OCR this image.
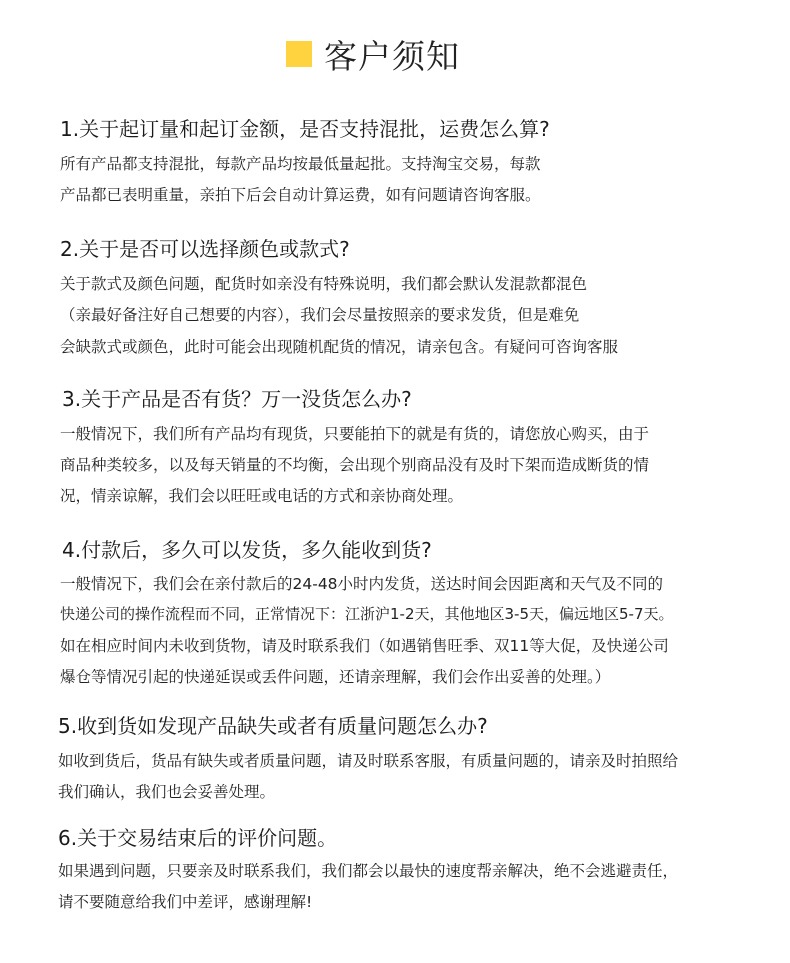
客户须知
1.关于起订量和起订金额，是否支持混批，运费怎么算?
所有产品都支持混批，每款产品均按最低量起批。支持淘宝交易，每款
产品都已表明重量，亲拍下后会自动计算运费，如有问题请咨询客服。
2.关于是否可以选择颜色或款式?
关于款式及颜色问题，配货时如亲没有特殊说明，我们都会默认发混款都混色
（亲最好备注好自己想要的内容），我们会尽量按照亲的要求发货，但是难免
会缺款式或颜色，此时可能会出现随机配货的情况，请亲包含。有疑问可咨询客服
3.关于产品是否有货？万一没货怎么办?
一般情况下，我们所有产品均有现货，只要能拍下的就是有货的，请您放心购买，由于
商品种类较多，以及每天销量的不均衡，会出现个别商品没有及时下架而造成断货的情
况，情亲谅解，我们会以旺旺或电话的方式和亲协商处理。
4.付款后，多久可以发货，多久能收到货?
一般情况下，我们会在亲付款后的24-48小时内发货，送达时间会因距离和天气及不同的
快递公司的操作流程而不同，正常情况下：江浙沪1-2天，其他地区3-5天，偏远地区5-7天。
如在相应时间内未收到货物，请及时联系我们（如遇销售旺季、双11等大促，及快递公司
爆仓等情况引起的快递延误或丢件问题，还请亲理解，我们会作出妥善的处理。）
5.收到货如发现产品缺失或者有质量问题怎么办?
如收到货后，货品有缺失或者质量问题，请及时联系客服，有质量问题的，请亲及时拍照给
我们确认，我们也会妥善处理。
6.关于交易结束后的评价问题。
如果遇到问题，只要亲及时联系我们，我们都会以最快的速度帮亲解决，绝不会逃避责任，
请不要随意给我们中差评，感谢理解!
